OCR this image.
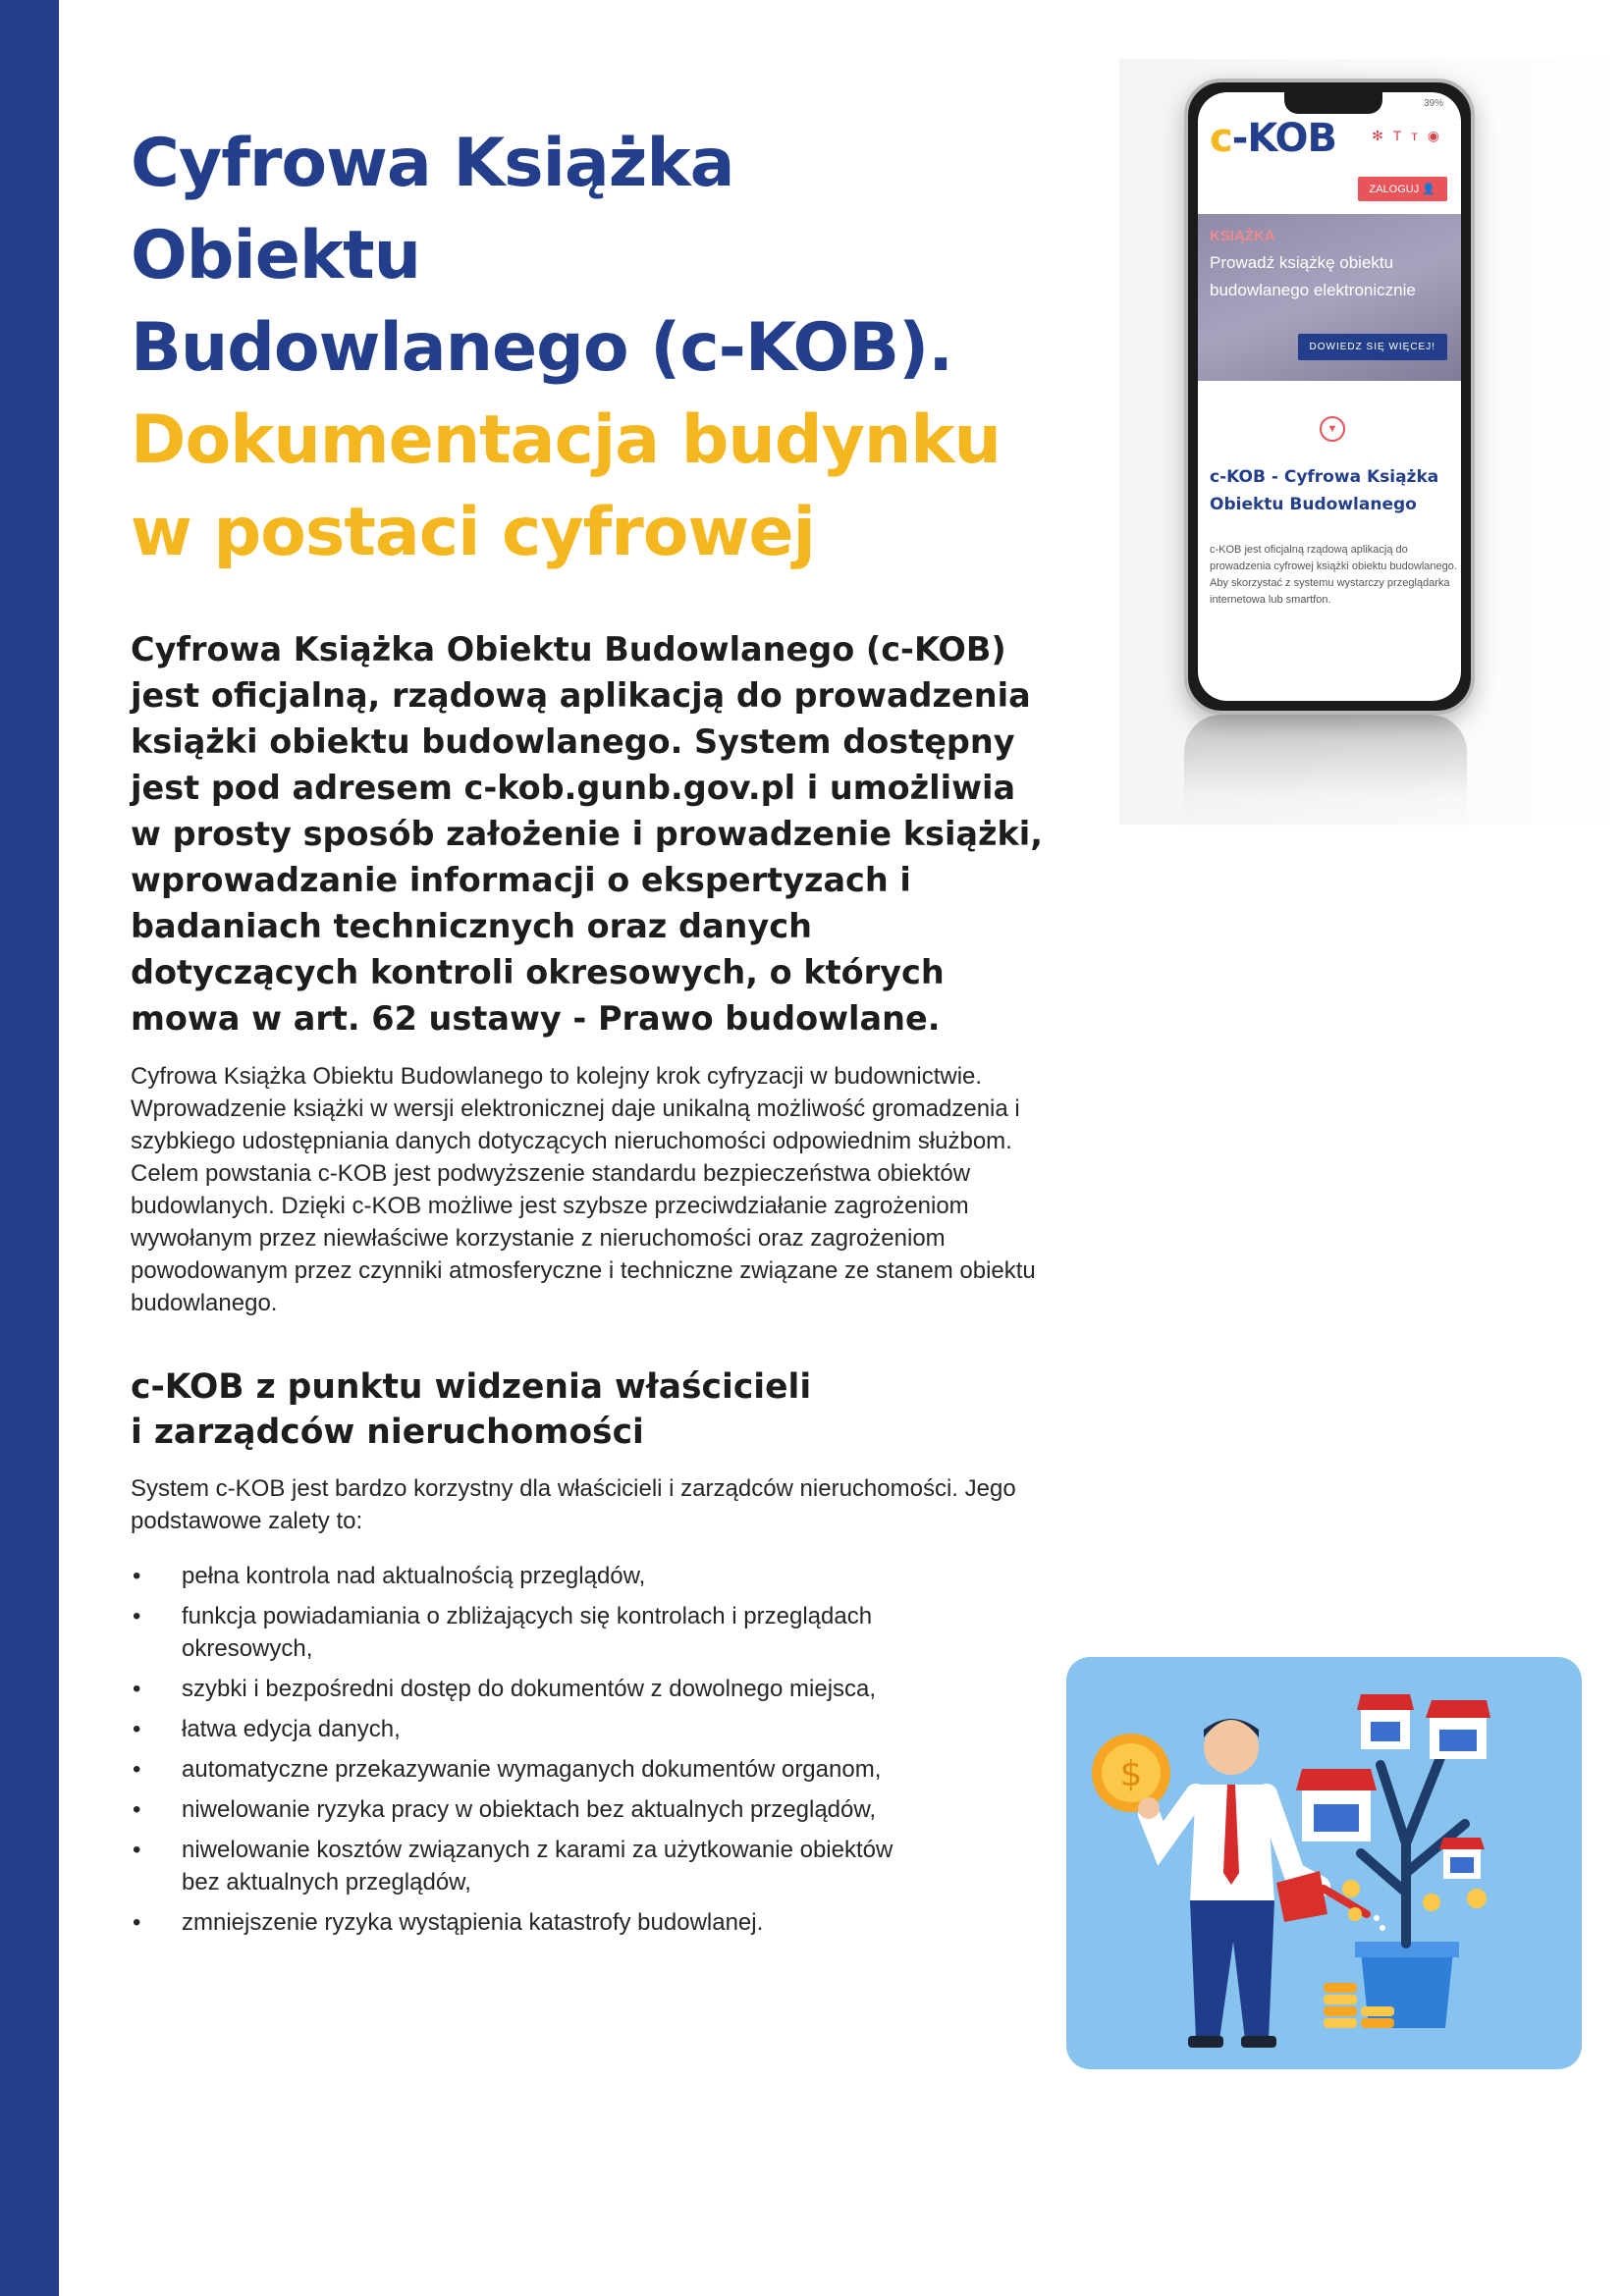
Cyfrowa Książka Obiektu
Budowlanego (c-KOB).
Dokumentacja budynku
w postaci cyfrowej
39%
c-KOB	✻Tт◉
ZALOGUJ 👤
KSIĄŻKA
Prowadź książkę obiektu budowlanego elektronicznie
DOWIEDZ SIĘ WIĘCEJ!
▼
c-KOB - Cyfrowa Książka Obiektu Budowlanego
c-KOB jest oficjalną rządową aplikacją do prowadzenia cyfrowej książki obiektu budowlanego. Aby skorzystać z systemu wystarczy przeglądarka internetowa lub smartfon.

Cyfrowa Książka Obiektu Budowlanego (c-KOB) jest oficjalną, rządową aplikacją do prowadzenia książki obiektu budowlanego. System dostępny jest pod adresem c-kob.gunb.gov.pl i umożliwia w prosty sposób założenie i prowadzenie książki, wprowadzanie informacji o ekspertyzach i badaniach technicznych oraz danych dotyczących kontroli okresowych, o których mowa w art. 62 ustawy - Prawo budowlane.

Cyfrowa Książka Obiektu Budowlanego to kolejny krok cyfryzacji w budownictwie. Wprowadzenie książki w wersji elektronicznej daje unikalną możliwość gromadzenia i szybkiego udostępniania danych dotyczących nieruchomości odpowiednim służbom. Celem powstania c-KOB jest podwyższenie standardu bezpieczeństwa obiektów budowlanych. Dzięki c-KOB możliwe jest szybsze przeciwdziałanie zagrożeniom wywołanym przez niewłaściwe korzystanie z nieruchomości oraz zagrożeniom powodowanym przez czynniki atmosferyczne i techniczne związane ze stanem obiektu budowlanego.

c-KOB z punktu widzenia właścicieli
i zarządców nieruchomości

System c-KOB jest bardzo korzystny dla właścicieli i zarządców nieruchomości. Jego podstawowe zalety to:

• pełna kontrola nad aktualnością przeglądów,
• funkcja powiadamiania o zbliżających się kontrolach i przeglądach okresowych,
• szybki i bezpośredni dostęp do dokumentów z dowolnego miejsca,
• łatwa edycja danych,
• automatyczne przekazywanie wymaganych dokumentów organom,
• niwelowanie ryzyka pracy w obiektach bez aktualnych przeglądów,
• niwelowanie kosztów związanych z karami za użytkowanie obiektów bez aktualnych przeglądów,
• zmniejszenie ryzyka wystąpienia katastrofy budowlanej.
$
